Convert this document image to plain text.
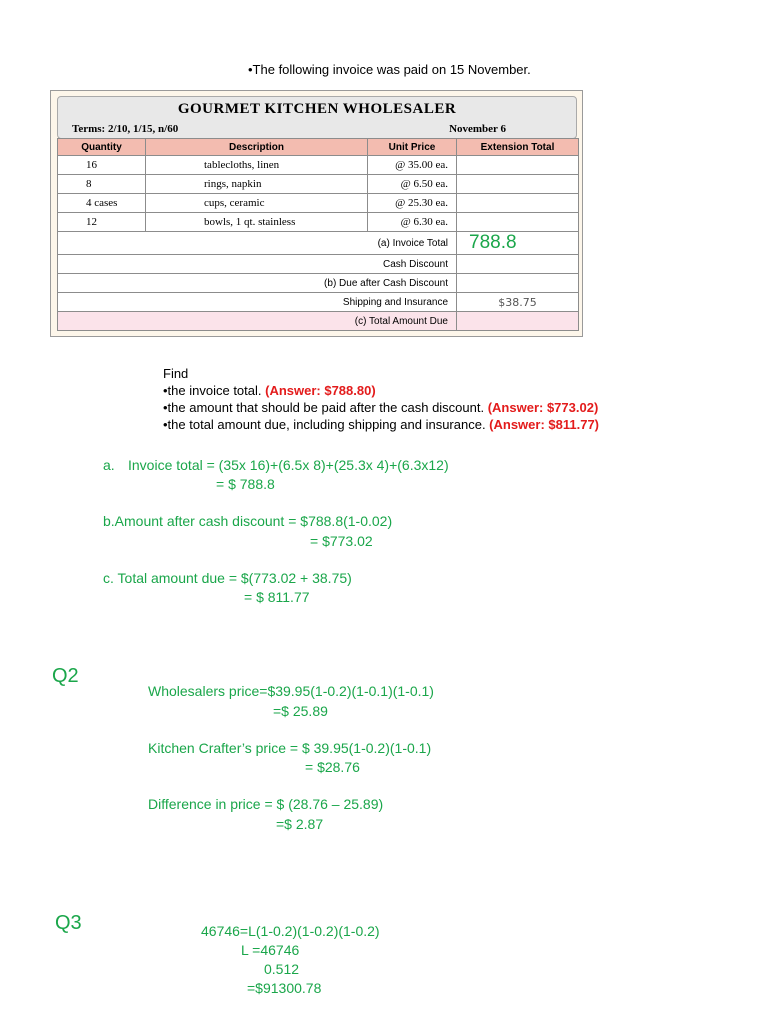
•The following invoice was paid on 15 November.
GOURMET KITCHEN WHOLESALER
Terms: 2/10, 1/15, n/60	November 6
Quantity	Description	Unit Price	Extension Total
16	tablecloths, linen	@ 35.00 ea.	
8	rings, napkin	@ 6.50 ea.	
4 cases	cups, ceramic	@ 25.30 ea.	
12	bowls, 1 qt. stainless	@ 6.30 ea.	
(a) Invoice Total			788.8
Cash Discount			
(b) Due after Cash Discount			
Shipping and Insurance			$38.75
(c) Total Amount Due			
Find
•the invoice total. (Answer: $788.80)
•the amount that should be paid after the cash discount. (Answer: $773.02)
•the total amount due, including shipping and insurance. (Answer: $811.77)
a. Invoice total = (35x 16)+(6.5x 8)+(25.3x 4)+(6.3x12)
= $ 788.8
b.Amount after cash discount = $788.8(1-0.02)
= $773.02
c. Total amount due = $(773.02 + 38.75)
= $ 811.77
Q2
Wholesalers price=$39.95(1-0.2)(1-0.1)(1-0.1)
=$ 25.89
Kitchen Crafter’s price = $ 39.95(1-0.2)(1-0.1)
= $28.76
Difference in price = $ (28.76 – 25.89)
=$ 2.87
Q3	46746=L(1-0.2)(1-0.2)(1-0.2)
L =46746
0.512
=$91300.78
